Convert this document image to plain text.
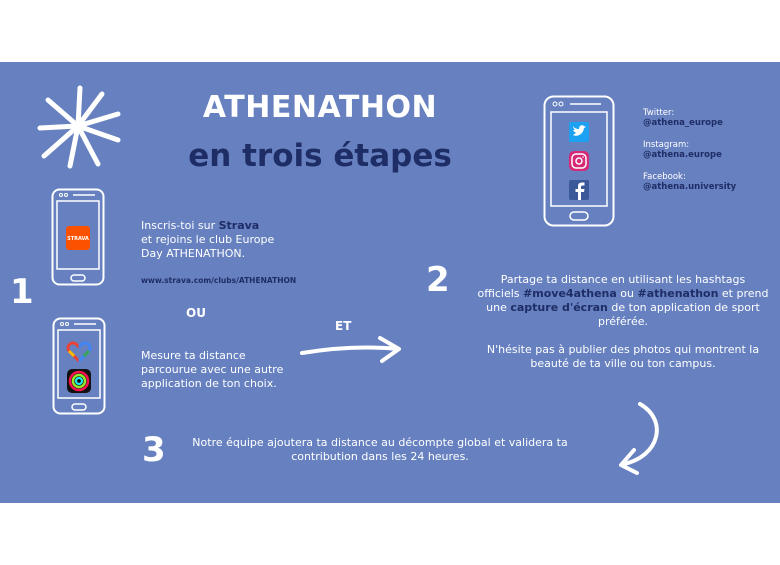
ATHENATHON
en trois étapes
1	2
3
STRAVA
Twitter:
@athena_europe
Instagram:
@athena.europe
Facebook:
@athena.university
Inscris-toi sur Strava
et rejoins le club Europe
Day ATHENATHON.
www.strava.com/clubs/ATHENATHON
OU
Mesure ta distance
parcourue avec une autre
application de ton choix.
ET
Partage ta distance en utilisant les hashtags
officiels #move4athena ou #athenathon et prend
une capture d'écran de ton application de sport
préférée.
N'hésite pas à publier des photos qui montrent la
beauté de ta ville ou ton campus.
Notre équipe ajoutera ta distance au décompte global et validera ta
contribution dans les 24 heures.
